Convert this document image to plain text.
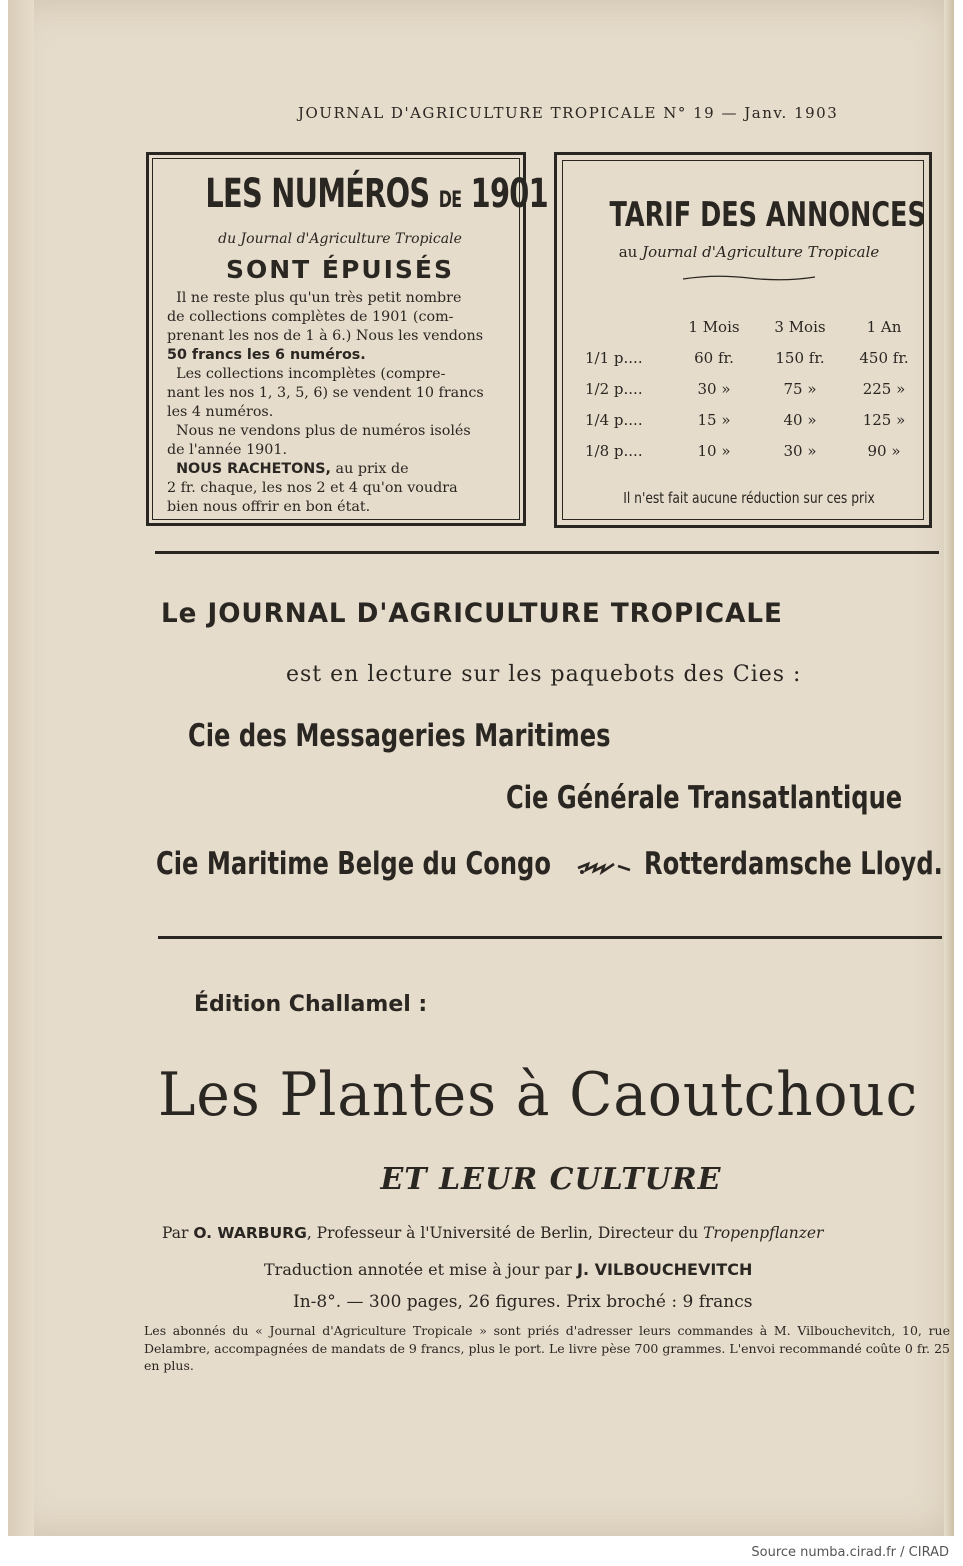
JOURNAL D'AGRICULTURE TROPICALE N° 19 — Janv. 1903
LES NUMÉROS DE 1901
du Journal d'Agriculture Tropicale
SONT ÉPUISÉS

Il ne reste plus qu'un très petit nombre

de collections complètes de 1901 (com-

prenant les nos de 1 à 6.) Nous les vendons

50 francs les 6 numéros.

Les collections incomplètes (compre-

nant les nos 1, 3, 5, 6) se vendent 10 francs

les 4 numéros.

Nous ne vendons plus de numéros isolés

de l'année 1901.

NOUS RACHETONS, au prix de

2 fr. chaque, les nos 2 et 4 qu'on voudra

bien nous offrir en bon état.

TARIF DES ANNONCES
au Journal d'Agriculture Tropicale
	1 Mois	3 Mois	1 An
1/1 p....	60 fr.	150 fr.	450 fr.
1/2 p....	30 »	75 »	225 »
1/4 p....	15 »	40 »	125 »
1/8 p....	10 »	30 »	90 »
Il n'est fait aucune réduction sur ces prix
Le JOURNAL D'AGRICULTURE TROPICALE
est en lecture sur les paquebots des Cies :
Cie des Messageries Maritimes
Cie Générale Transatlantique
Cie Maritime Belge du Congo	Rotterdamsche Lloyd.
Édition Challamel :
Les Plantes à Caoutchouc
ET LEUR CULTURE
Par O. WARBURG, Professeur à l'Université de Berlin, Directeur du Tropenpflanzer
Traduction annotée et mise à jour par J. VILBOUCHEVITCH
In-8°. — 300 pages, 26 figures. Prix broché : 9 francs
Les abonnés du « Journal d'Agriculture Tropicale » sont priés d'adresser leurs commandes à M. Vilbouchevitch, 10, rue Delambre, accompagnées de mandats de 9 francs, plus le port. Le livre pèse 700 grammes. L'envoi recommandé coûte 0 fr. 25 en plus.
Source numba.cirad.fr / CIRAD
